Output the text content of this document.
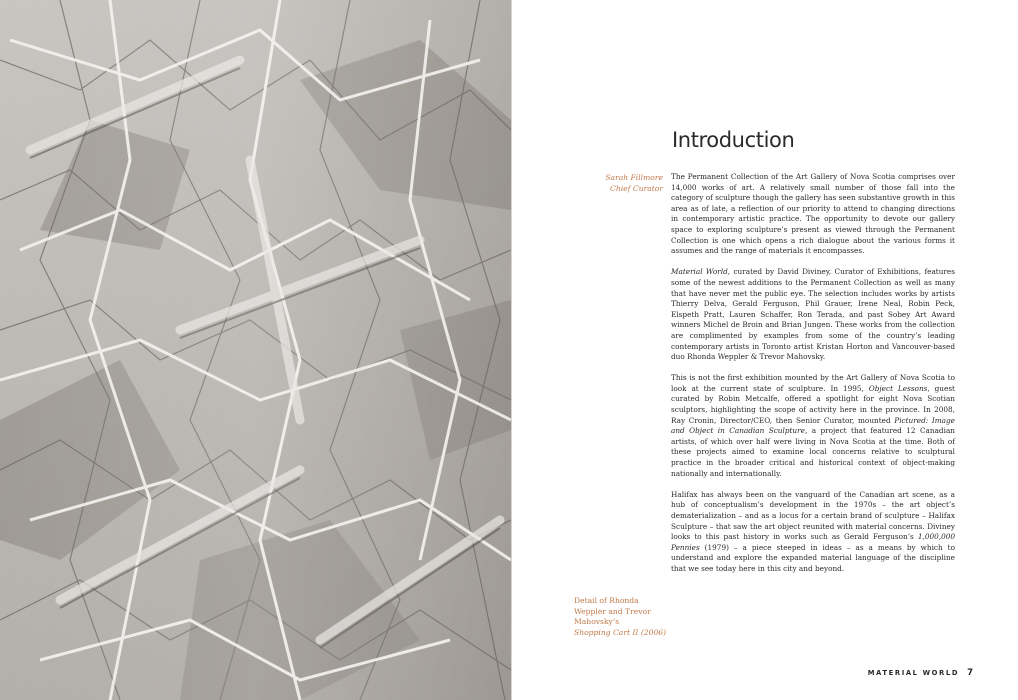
Introduction
Sarah Fillmore
Chief Curator

The Permanent Collection of the Art Gallery of Nova Scotia comprises over 14,000 works of art. A relatively small number of those fall into the category of sculpture though the gallery has seen substantive growth in this area as of late, a reflection of our priority to attend to changing directions in contemporary artistic practice. The opportunity to devote our gallery space to exploring sculpture’s present as viewed through the Permanent Collection is one which opens a rich dialogue about the various forms it assumes and the range of materials it encompasses.

Material World, curated by David Diviney, Curator of Exhibitions, features some of the newest additions to the Permanent Collection as well as many that have never met the public eye. The selection includes works by artists Thierry Delva, Gerald Ferguson, Phil Grauer, Irene Neal, Robin Peck, Elspeth Pratt, Lauren Schaffer, Ron Terada, and past Sobey Art Award winners Michel de Broin and Brian Jungen. These works from the collection are complimented by examples from some of the country’s leading contemporary artists in Toronto artist Kristan Horton and Vancouver-based duo Rhonda Weppler & Trevor Mahovsky.

This is not the first exhibition mounted by the Art Gallery of Nova Scotia to look at the current state of sculpture. In 1995, Object Lessons, guest curated by Robin Metcalfe, offered a spotlight for eight Nova Scotian sculptors, highlighting the scope of activity here in the province. In 2008, Ray Cronin, Director/CEO, then Senior Curator, mounted Pictured: Image and Object in Canadian Sculpture, a project that featured 12 Canadian artists, of which over half were living in Nova Scotia at the time. Both of these projects aimed to examine local concerns relative to sculptural practice in the broader critical and historical context of object-making nationally and internationally.

Halifax has always been on the vanguard of the Canadian art scene, as a hub of conceptualism’s development in the 1970s – the art object’s dematerialization – and as a locus for a certain brand of sculpture – Halifax Sculpture – that saw the art object reunited with material concerns. Diviney looks to this past history in works such as Gerald Ferguson’s 1,000,000 Pennies (1979) – a piece steeped in ideas – as a means by which to understand and explore the expanded material language of the discipline that we see today here in this city and beyond.

Detail of Rhonda
Weppler and Trevor
Mahovsky’s
Shopping Cart II (2006)
MATERIAL WORLD 7
